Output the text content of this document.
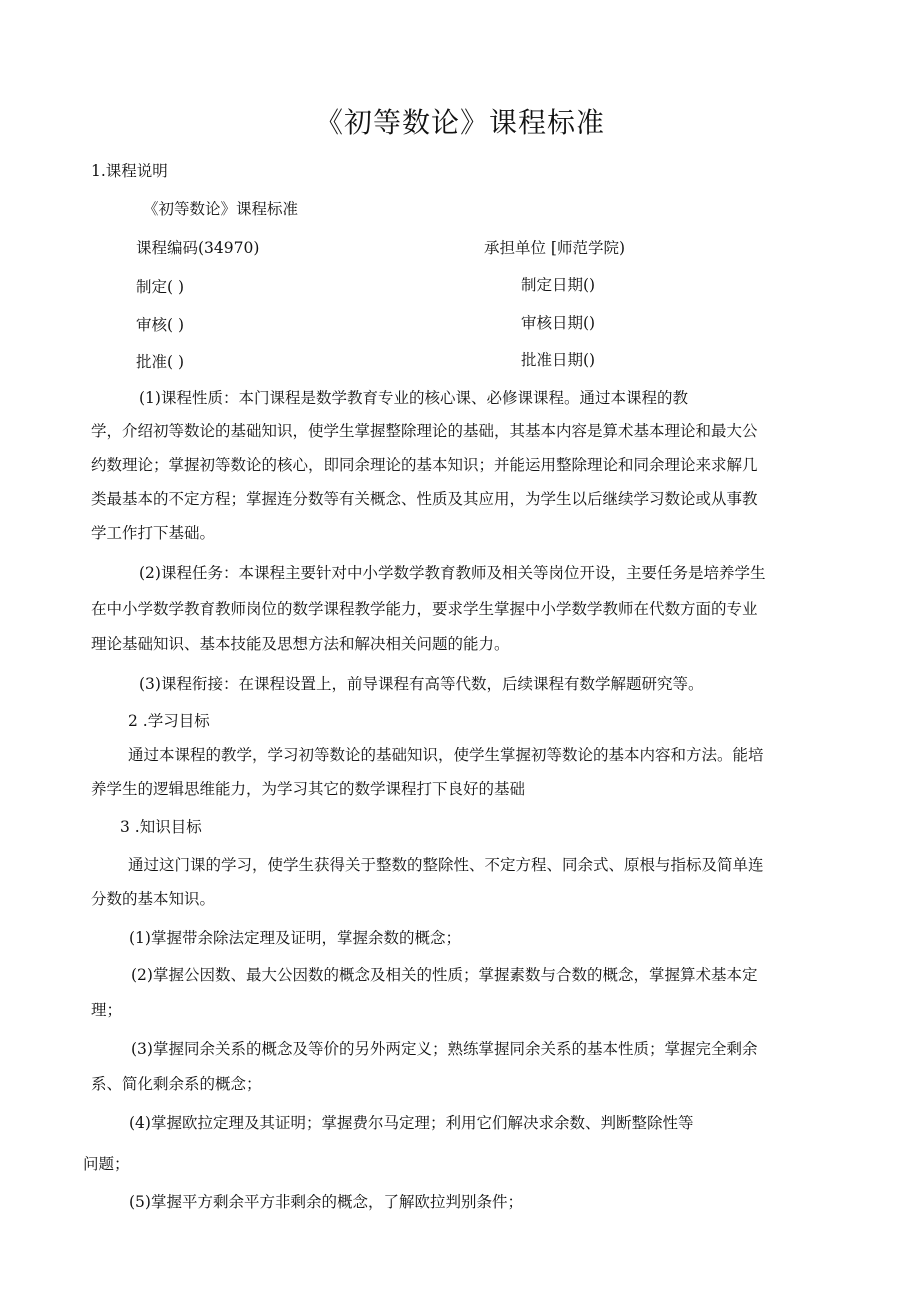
《初等数论》课程标准
1.课程说明
《初等数论》课程标准
课程编码(34970)	承担单位 [师范学院)
制定( )	制定日期()
审核( )	审核日期()
批准( )	批准日期()
(1)课程性质：本门课程是数学教育专业的核心课、必修课课程。通过本课程的教
学，介绍初等数论的基础知识，使学生掌握整除理论的基础，其基本内容是算术基本理论和最大公
约数理论；掌握初等数论的核心，即同余理论的基本知识；并能运用整除理论和同余理论来求解几
类最基本的不定方程；掌握连分数等有关概念、性质及其应用，为学生以后继续学习数论或从事教
学工作打下基础。
(2)课程任务：本课程主要针对中小学数学教育教师及相关等岗位开设，主要任务是培养学生
在中小学数学教育教师岗位的数学课程教学能力，要求学生掌握中小学数学教师在代数方面的专业
理论基础知识、基本技能及思想方法和解决相关问题的能力。
(3)课程衔接：在课程设置上，前导课程有高等代数，后续课程有数学解题研究等。
2 .学习目标
通过本课程的教学，学习初等数论的基础知识，使学生掌握初等数论的基本内容和方法。能培
养学生的逻辑思维能力，为学习其它的数学课程打下良好的基础
3 .知识目标
通过这门课的学习，使学生获得关于整数的整除性、不定方程、同余式、原根与指标及简单连
分数的基本知识。
(1)掌握带余除法定理及证明，掌握余数的概念；
(2)掌握公因数、最大公因数的概念及相关的性质；掌握素数与合数的概念，掌握算术基本定
理；
(3)掌握同余关系的概念及等价的另外两定义；熟练掌握同余关系的基本性质；掌握完全剩余
系、简化剩余系的概念；
(4)掌握欧拉定理及其证明；掌握费尔马定理；利用它们解决求余数、判断整除性等
问题；
(5)掌握平方剩余平方非剩余的概念，了解欧拉判别条件；
